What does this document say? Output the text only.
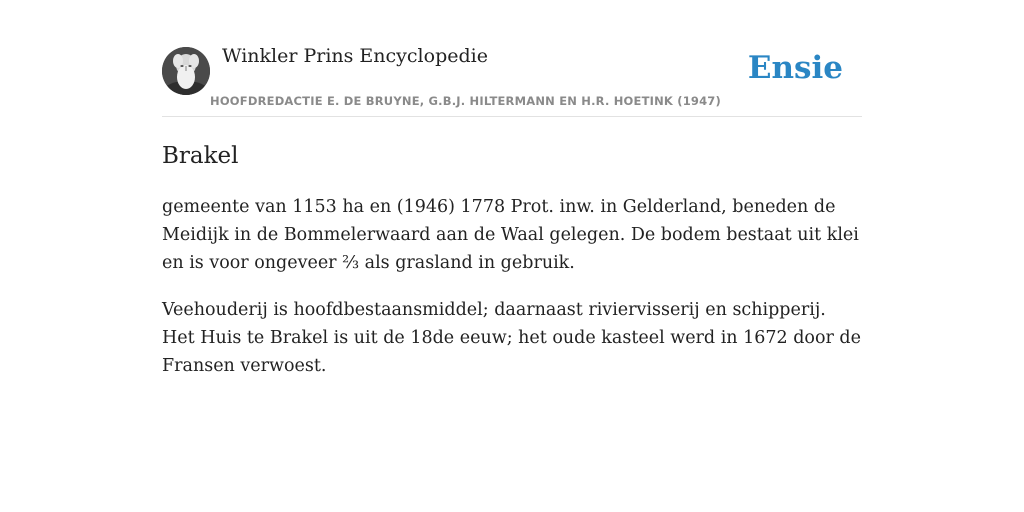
Winkler Prins Encyclopedie
HOOFDREDACTIE E. DE BRUYNE, G.B.J. HILTERMANN EN H.R. HOETINK (1947)
Ensie
Brakel

gemeente van 1153 ha en (1946) 1778 Prot. inw. in Gelderland, beneden de Meidijk in de Bommelerwaard aan de Waal gelegen. De bodem bestaat uit klei en is voor ongeveer ⅔ als grasland in gebruik.

Veehouderij is hoofdbestaansmiddel; daarnaast riviervisserij en schipperij. Het Huis te Brakel is uit de 18de eeuw; het oude kasteel werd in 1672 door de Fransen verwoest.
